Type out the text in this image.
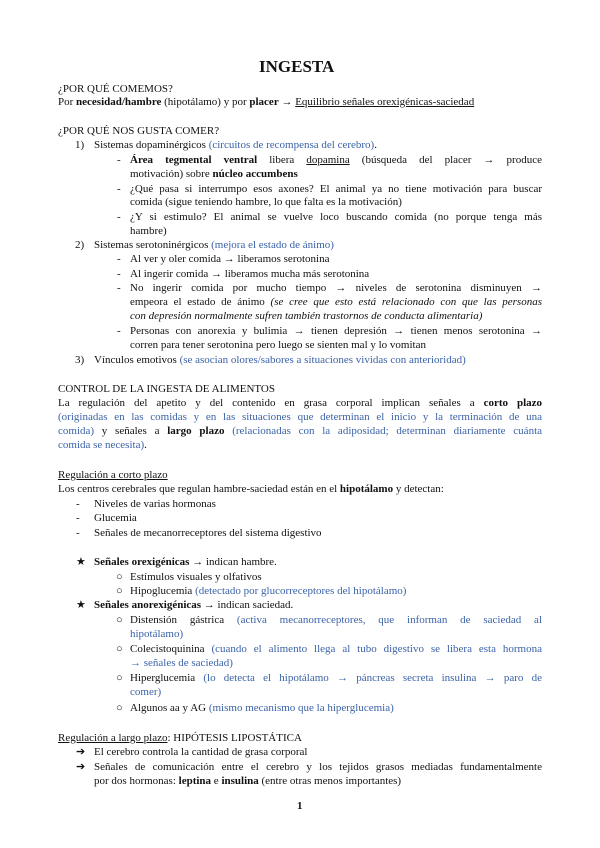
INGESTA
¿POR QUÉ COMEMOS?
Por necesidad/hambre (hipotálamo) y por placer → Equilibrio señales orexigénicas-saciedad
¿POR QUÉ NOS GUSTA COMER?
1) Sistemas dopaminérgicos (circuitos de recompensa del cerebro).
- Área tegmental ventral libera dopamina (búsqueda del placer → produce
motivación) sobre núcleo accumbens
- ¿Qué pasa si interrumpo esos axones? El animal ya no tiene motivación para buscar
comida (sigue teniendo hambre, lo que falta es la motivación)
- ¿Y si estimulo? El animal se vuelve loco buscando comida (no porque tenga más
hambre)
2) Sistemas serotoninérgicos (mejora el estado de ánimo)
- Al ver y oler comida → liberamos serotonina
- Al ingerir comida → liberamos mucha más serotonina
- No ingerir comida por mucho tiempo → niveles de serotonina disminuyen →
empeora el estado de ánimo (se cree que esto está relacionado con que las personas
con depresión normalmente sufren también trastornos de conducta alimentaria)
- Personas con anorexia y bulimia → tienen depresión → tienen menos serotonina →
corren para tener serotonina pero luego se sienten mal y lo vomitan
3) Vínculos emotivos (se asocian olores/sabores a situaciones vividas con anterioridad)
CONTROL DE LA INGESTA DE ALIMENTOS
La regulación del apetito y del contenido en grasa corporal implican señales a corto plazo
(originadas en las comidas y en las situaciones que determinan el inicio y la terminación de una
comida) y señales a largo plazo (relacionadas con la adiposidad; determinan diariamente cuánta
comida se necesita).
Regulación a corto plazo
Los centros cerebrales que regulan hambre-saciedad están en el hipotálamo y detectan:
- Niveles de varias hormonas
- Glucemia
- Señales de mecanorreceptores del sistema digestivo
★ Señales orexigénicas → indican hambre.
○ Estímulos visuales y olfativos
○ Hipoglucemia (detectado por glucorreceptores del hipotálamo)
★ Señales anorexigénicas → indican saciedad.
○ Distensión gástrica (activa mecanorreceptores, que informan de saciedad al
hipotálamo)
○ Colecistoquinina (cuando el alimento llega al tubo digestivo se libera esta hormona
→ señales de saciedad)
○ Hiperglucemia (lo detecta el hipotálamo → páncreas secreta insulina → paro de
comer)
○ Algunos aa y AG (mismo mecanismo que la hiperglucemia)
Regulación a largo plazo: HIPÓTESIS LIPOSTÁTICA
➔ El cerebro controla la cantidad de grasa corporal
➔ Señales de comunicación entre el cerebro y los tejidos grasos mediadas fundamentalmente
por dos hormonas: leptina e insulina (entre otras menos importantes)
1
